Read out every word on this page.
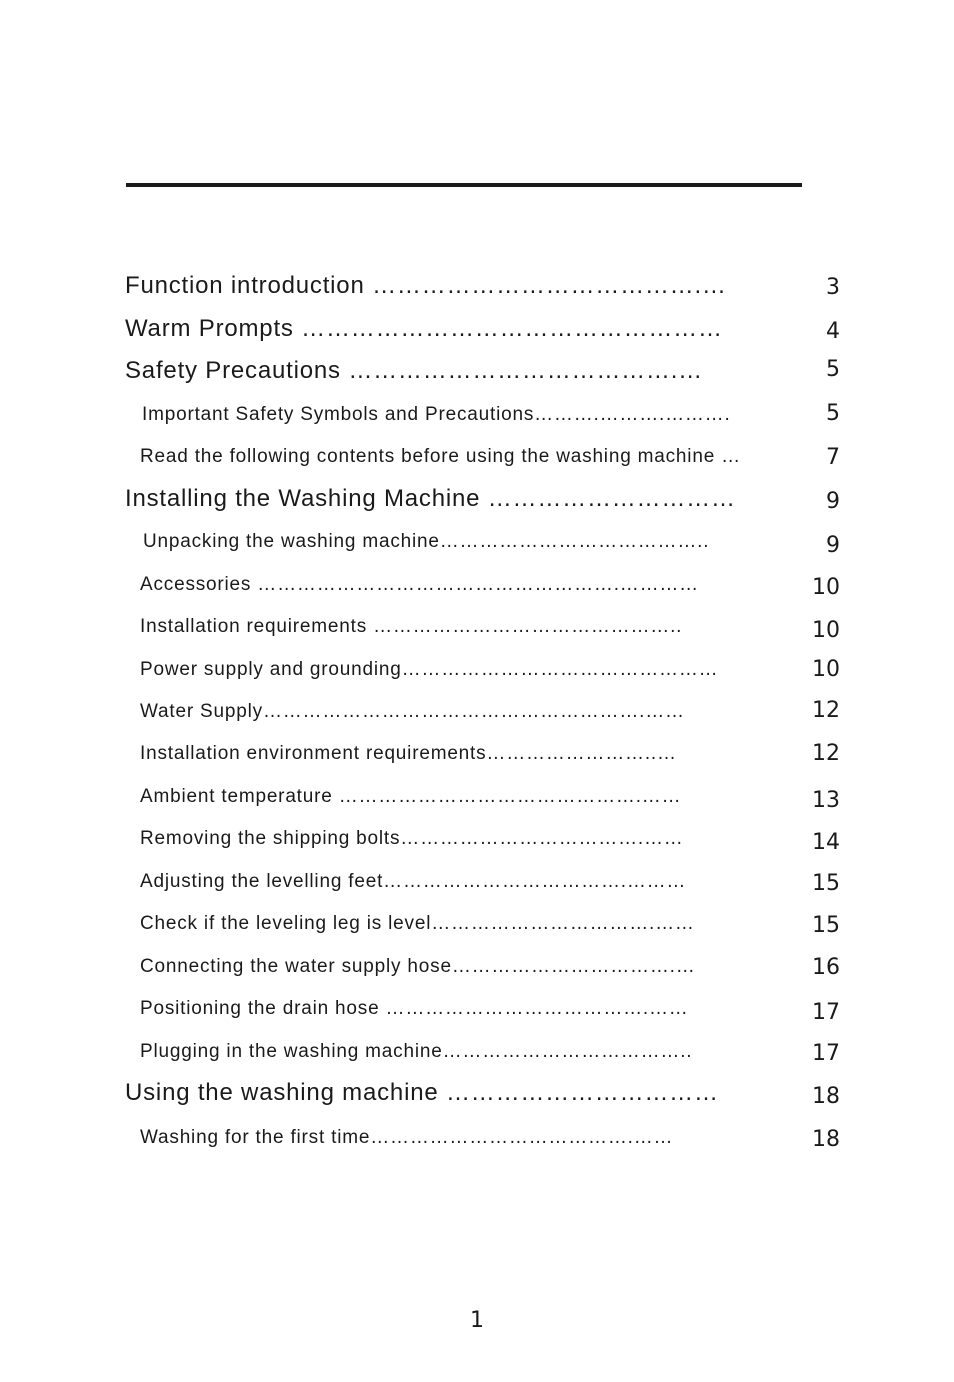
Function introduction ………………………………….…	3
Warm Prompts ……………………………………………	4
Safety Precautions ………………………………….…	5
Important Safety Symbols and Precautions……….……….……….	5
Read the following contents before using the washing machine …	7
Installing the Washing Machine …………………………	9
Unpacking the washing machine…………………………………..	9
Accessories ……………………………………………….…………	10
Installation requirements ………………………………………..	10
Power supply and grounding…………………………………………	10
Water Supply………………………………………………….……	12
Installation environment requirements……………………..…	12
Ambient temperature ……………………………………….……	13
Removing the shipping bolts……………………………….……	14
Adjusting the levelling feet……………………………….………	15
Check if the leveling leg is level…………………………….……	15
Connecting the water supply hose…………………………….…	16
Positioning the drain hose ………………………………….……	17
Plugging in the washing machine………………………………..	17
Using the washing machine ……………………………	18
Washing for the first time………………………………….……	18
1
